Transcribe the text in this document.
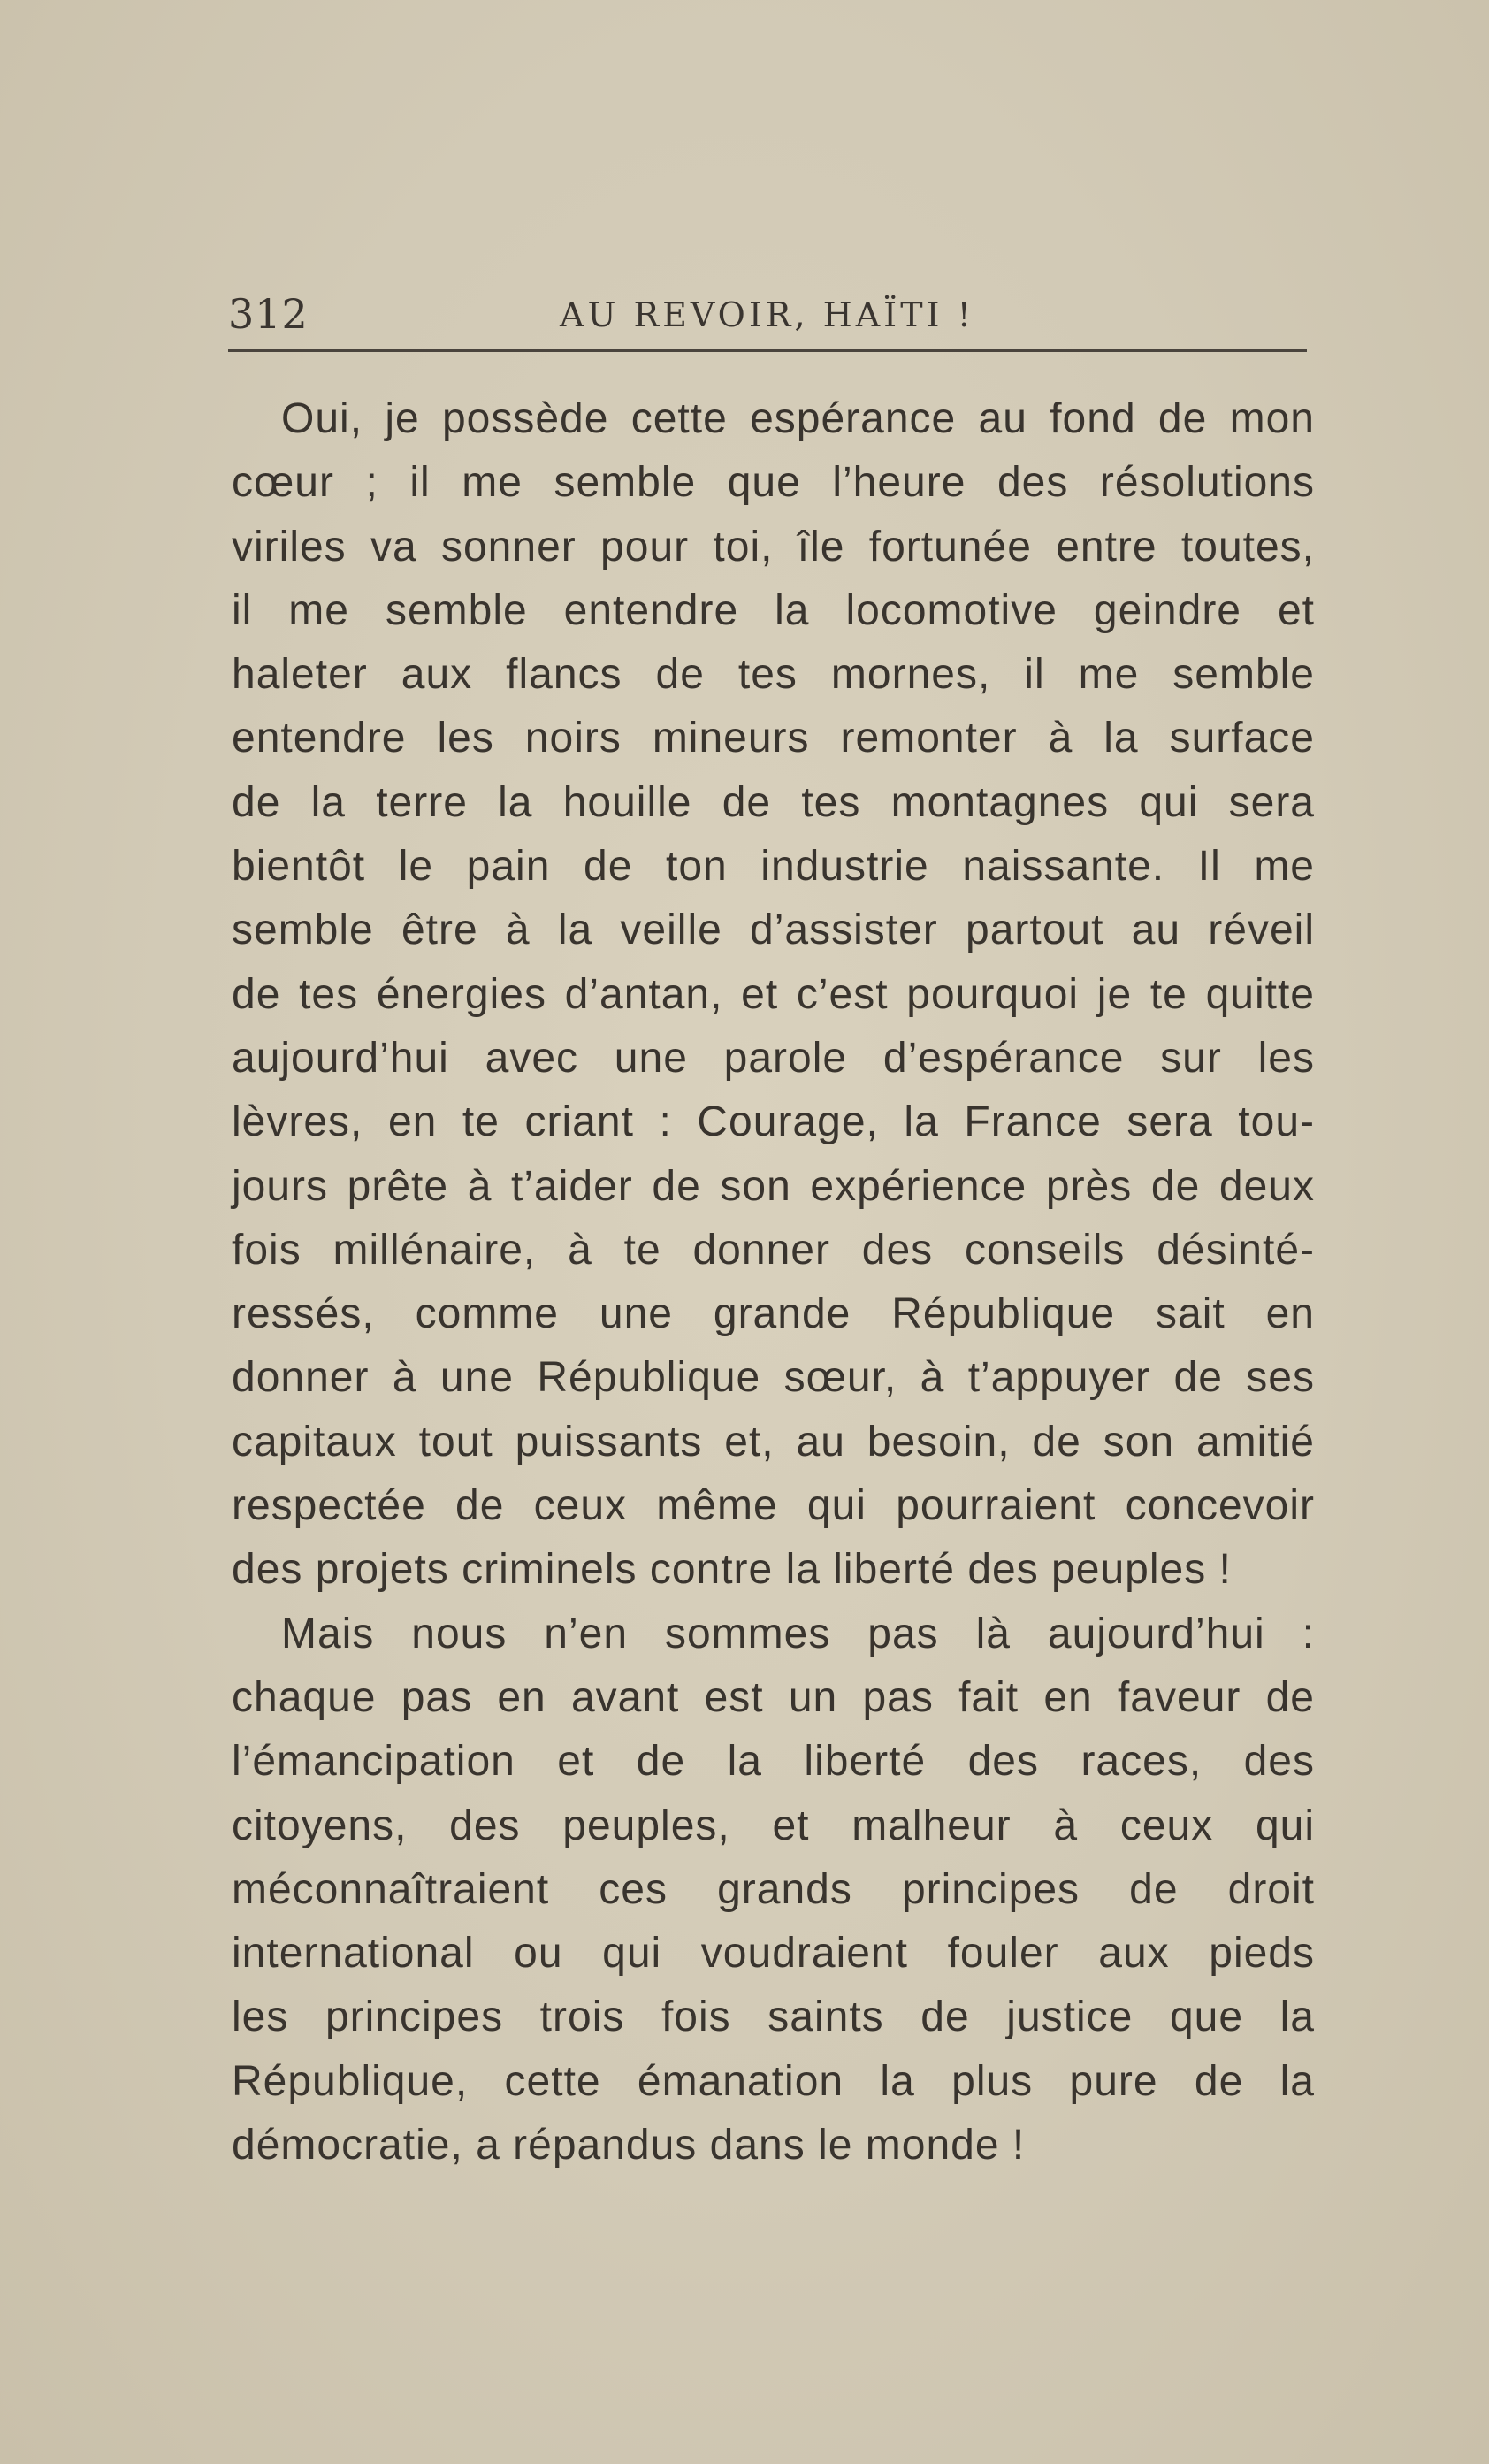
312	AU REVOIR, HAÏTI !
Oui, je possède cette espérance au fond de mon
cœur ; il me semble que l’heure des résolutions
viriles va sonner pour toi, île fortunée entre toutes,
il me semble entendre la locomotive geindre et
haleter aux flancs de tes mornes, il me semble
entendre les noirs mineurs remonter à la surface
de la terre la houille de tes montagnes qui sera
bientôt le pain de ton industrie naissante. Il me
semble être à la veille d’assister partout au réveil
de tes énergies d’antan, et c’est pourquoi je te quitte
aujourd’hui avec une parole d’espérance sur les
lèvres, en te criant : Courage, la France sera tou-
jours prête à t’aider de son expérience près de deux
fois millénaire, à te donner des conseils désinté-
ressés, comme une grande République sait en
donner à une République sœur, à t’appuyer de ses
capitaux tout puissants et, au besoin, de son amitié
respectée de ceux même qui pourraient concevoir
des projets criminels contre la liberté des peuples !
Mais nous n’en sommes pas là aujourd’hui :
chaque pas en avant est un pas fait en faveur de
l’émancipation et de la liberté des races, des
citoyens, des peuples, et malheur à ceux qui
méconnaîtraient ces grands principes de droit
international ou qui voudraient fouler aux pieds
les principes trois fois saints de justice que la
République, cette émanation la plus pure de la
démocratie, a répandus dans le monde !
